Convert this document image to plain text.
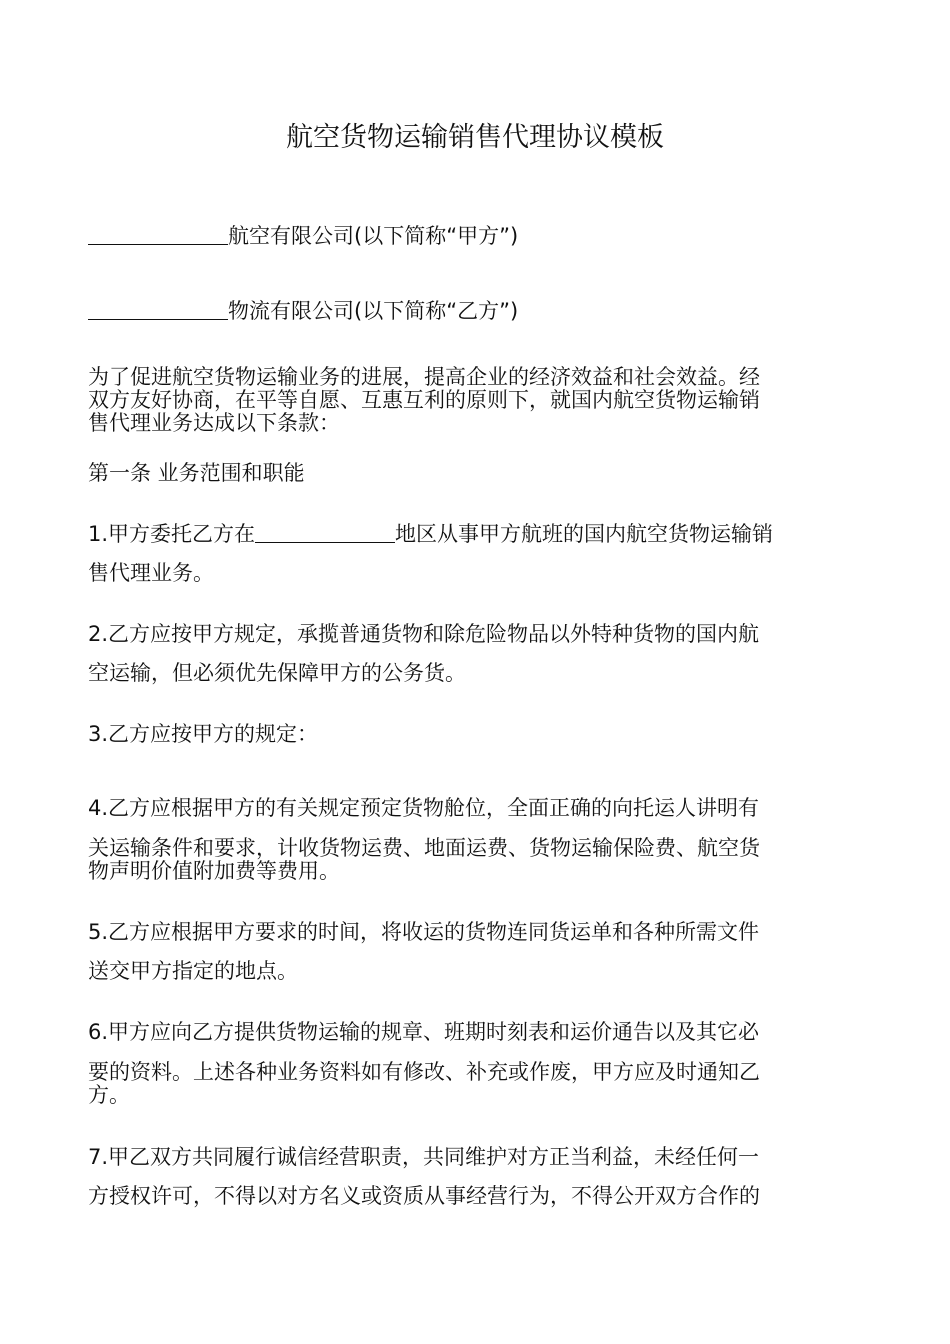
航空货物运输销售代理协议模板

航空有限公司(以下简称“甲方”)

物流有限公司(以下简称“乙方”)

为了促进航空货物运输业务的进展，提高企业的经济效益和社会效益。经

双方友好协商，在平等自愿、互惠互利的原则下，就国内航空货物运输销

售代理业务达成以下条款：

第一条 业务范围和职能

1.甲方委托乙方在	地区从事甲方航班的国内航空货物运输销

售代理业务。

2.乙方应按甲方规定，承揽普通货物和除危险物品以外特种货物的国内航

空运输，但必须优先保障甲方的公务货。

3.乙方应按甲方的规定：

4.乙方应根据甲方的有关规定预定货物舱位，全面正确的向托运人讲明有

关运输条件和要求，计收货物运费、地面运费、货物运输保险费、航空货

物声明价值附加费等费用。

5.乙方应根据甲方要求的时间，将收运的货物连同货运单和各种所需文件

送交甲方指定的地点。

6.甲方应向乙方提供货物运输的规章、班期时刻表和运价通告以及其它必

要的资料。上述各种业务资料如有修改、补充或作废，甲方应及时通知乙

方。

7.甲乙双方共同履行诚信经营职责，共同维护对方正当利益，未经任何一

方授权许可，不得以对方名义或资质从事经营行为，不得公开双方合作的
